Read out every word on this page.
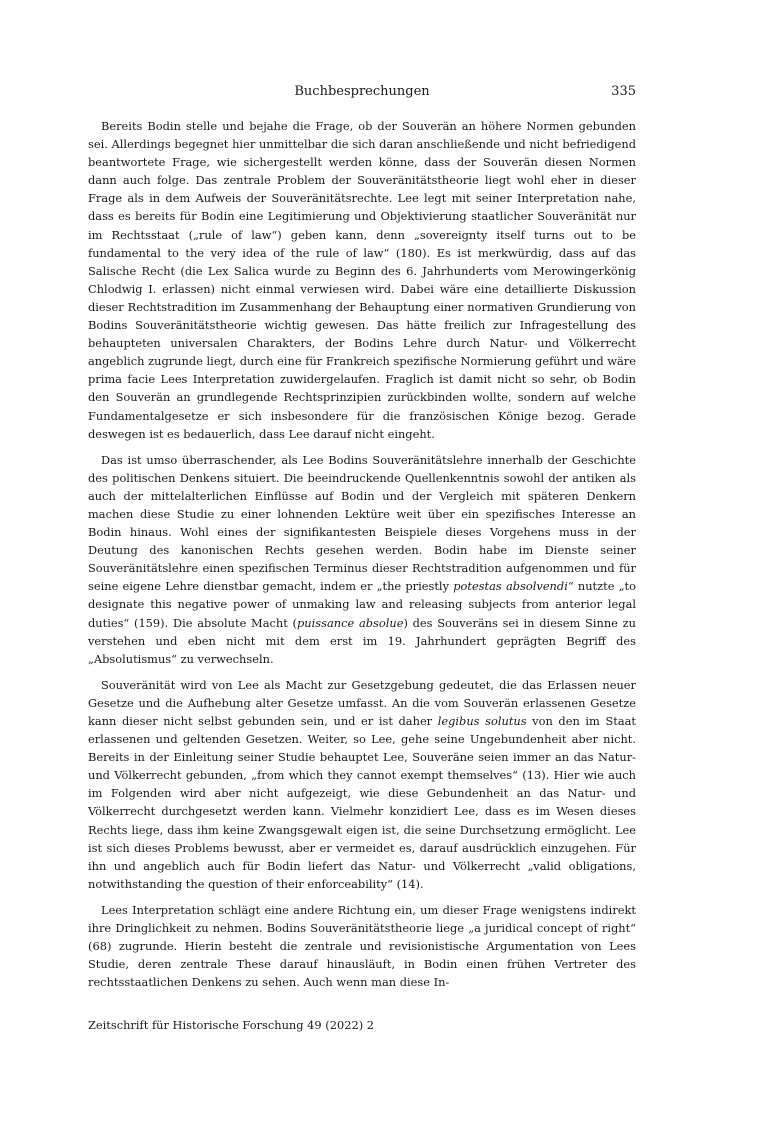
Buchbesprechungen	335

Bereits Bodin stelle und bejahe die Frage, ob der Souverän an höhere Normen gebunden sei. Allerdings begegnet hier unmittelbar die sich daran anschließende und nicht befriedigend beantwortete Frage, wie sichergestellt werden könne, dass der Souverän diesen Normen dann auch folge. Das zentrale Problem der Souveränitätstheorie liegt wohl eher in dieser Frage als in dem Aufweis der Souveränitätsrechte. Lee legt mit seiner Interpretation nahe, dass es bereits für Bodin eine Legitimierung und Objektivierung staatlicher Souveränität nur im Rechtsstaat („rule of law“) geben kann, denn „sovereignty itself turns out to be fundamental to the very idea of the rule of law“ (180). Es ist merkwürdig, dass auf das Salische Recht (die Lex Salica wurde zu Beginn des 6. Jahrhunderts vom Merowingerkönig Chlodwig I. erlassen) nicht einmal verwiesen wird. Dabei wäre eine detaillierte Diskussion dieser Rechtstradition im Zusammenhang der Behauptung einer normativen Grundierung von Bodins Souveränitätstheorie wichtig gewesen. Das hätte freilich zur Infragestellung des behaupteten universalen Charakters, der Bodins Lehre durch Natur- und Völkerrecht angeblich zugrunde liegt, durch eine für Frankreich spezifische Normierung geführt und wäre prima facie Lees Interpretation zuwidergelaufen. Fraglich ist damit nicht so sehr, ob Bodin den Souverän an grundlegende Rechtsprinzipien zurückbinden wollte, sondern auf welche Fundamentalgesetze er sich insbesondere für die französischen Könige bezog. Gerade deswegen ist es bedauerlich, dass Lee darauf nicht eingeht.

Das ist umso überraschender, als Lee Bodins Souveränitätslehre innerhalb der Geschichte des politischen Denkens situiert. Die beeindruckende Quellenkenntnis sowohl der antiken als auch der mittelalterlichen Einflüsse auf Bodin und der Vergleich mit späteren Denkern machen diese Studie zu einer lohnenden Lektüre weit über ein spezifisches Interesse an Bodin hinaus. Wohl eines der signifikantesten Beispiele dieses Vorgehens muss in der Deutung des kanonischen Rechts gesehen werden. Bodin habe im Dienste seiner Souveränitätslehre einen spezifischen Terminus dieser Rechtstradition aufgenommen und für seine eigene Lehre dienstbar gemacht, indem er „the priestly potestas absolvendi“ nutzte „to designate this negative power of unmaking law and releasing subjects from anterior legal duties“ (159). Die absolute Macht (puissance absolue) des Souveräns sei in diesem Sinne zu verstehen und eben nicht mit dem erst im 19. Jahrhundert geprägten Begriff des „Absolutismus“ zu verwechseln.

Souveränität wird von Lee als Macht zur Gesetzgebung gedeutet, die das Erlassen neuer Gesetze und die Aufhebung alter Gesetze umfasst. An die vom Souverän erlassenen Gesetze kann dieser nicht selbst gebunden sein, und er ist daher legibus solutus von den im Staat erlassenen und geltenden Gesetzen. Weiter, so Lee, gehe seine Ungebundenheit aber nicht. Bereits in der Einleitung seiner Studie behauptet Lee, Souveräne seien immer an das Natur- und Völkerrecht gebunden, „from which they cannot exempt themselves“ (13). Hier wie auch im Folgenden wird aber nicht aufgezeigt, wie diese Gebundenheit an das Natur- und Völkerrecht durchgesetzt werden kann. Vielmehr konzidiert Lee, dass es im Wesen dieses Rechts liege, dass ihm keine Zwangsgewalt eigen ist, die seine Durchsetzung ermöglicht. Lee ist sich dieses Problems bewusst, aber er vermeidet es, darauf ausdrücklich einzugehen. Für ihn und angeblich auch für Bodin liefert das Natur- und Völkerrecht „valid obligations, notwithstanding the question of their enforceability“ (14).

Lees Interpretation schlägt eine andere Richtung ein, um dieser Frage wenigstens indirekt ihre Dringlichkeit zu nehmen. Bodins Souveränitätstheorie liege „a juridical concept of right“ (68) zugrunde. Hierin besteht die zentrale und revisionistische Argumentation von Lees Studie, deren zentrale These darauf hinausläuft, in Bodin einen frühen Vertreter des rechtsstaatlichen Denkens zu sehen. Auch wenn man diese In-

Zeitschrift für Historische Forschung 49 (2022) 2
